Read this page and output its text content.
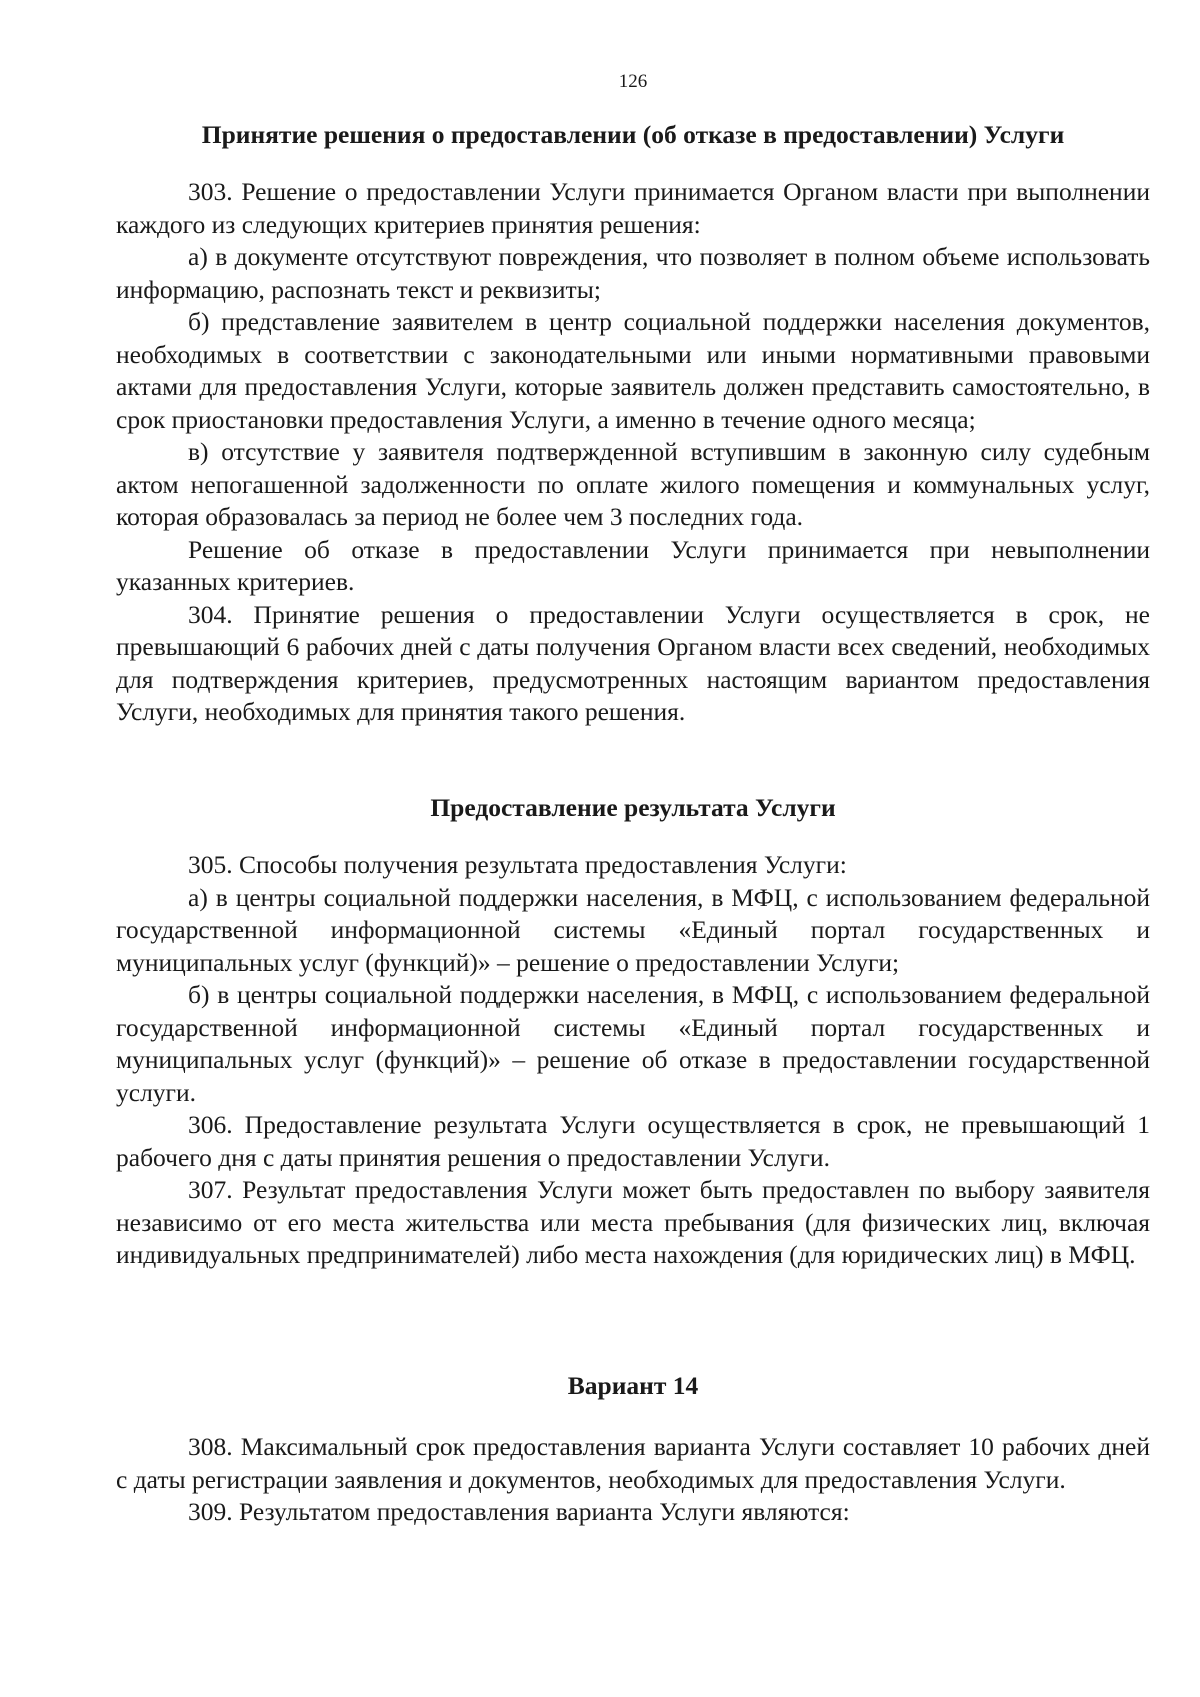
126
Принятие решения о предоставлении (об отказе в предоставлении) Услуги

303. Решение о предоставлении Услуги принимается Органом власти при выполнении каждого из следующих критериев принятия решения:

а) в документе отсутствуют повреждения, что позволяет в полном объеме использовать информацию, распознать текст и реквизиты;

б) представление заявителем в центр социальной поддержки населения документов, необходимых в соответствии с законодательными или иными нормативными правовыми актами для предоставления Услуги, которые заявитель должен представить самостоятельно, в срок приостановки предоставления Услуги, а именно в течение одного месяца;

в) отсутствие у заявителя подтвержденной вступившим в законную силу судебным актом непогашенной задолженности по оплате жилого помещения и коммунальных услуг, которая образовалась за период не более чем 3 последних года.

Решение об отказе в предоставлении Услуги принимается при невыполнении указанных критериев.

304. Принятие решения о предоставлении Услуги осуществляется в срок, не превышающий 6 рабочих дней с даты получения Органом власти всех сведений, необходимых для подтверждения критериев, предусмотренных настоящим вариантом предоставления Услуги, необходимых для принятия такого решения.

Предоставление результата Услуги

305. Способы получения результата предоставления Услуги:

а) в центры социальной поддержки населения, в МФЦ, с использованием федеральной государственной информационной системы «Единый портал государственных и муниципальных услуг (функций)» – решение о предоставлении Услуги;

б) в центры социальной поддержки населения, в МФЦ, с использованием федеральной государственной информационной системы «Единый портал государственных и муниципальных услуг (функций)» – решение об отказе в предоставлении государственной услуги.

306. Предоставление результата Услуги осуществляется в срок, не превышающий 1 рабочего дня с даты принятия решения о предоставлении Услуги.

307. Результат предоставления Услуги может быть предоставлен по выбору заявителя независимо от его места жительства или места пребывания (для физических лиц, включая индивидуальных предпринимателей) либо места нахождения (для юридических лиц) в МФЦ.

Вариант 14

308. Максимальный срок предоставления варианта Услуги составляет 10 рабочих дней с даты регистрации заявления и документов, необходимых для предоставления Услуги.

309. Результатом предоставления варианта Услуги являются:
